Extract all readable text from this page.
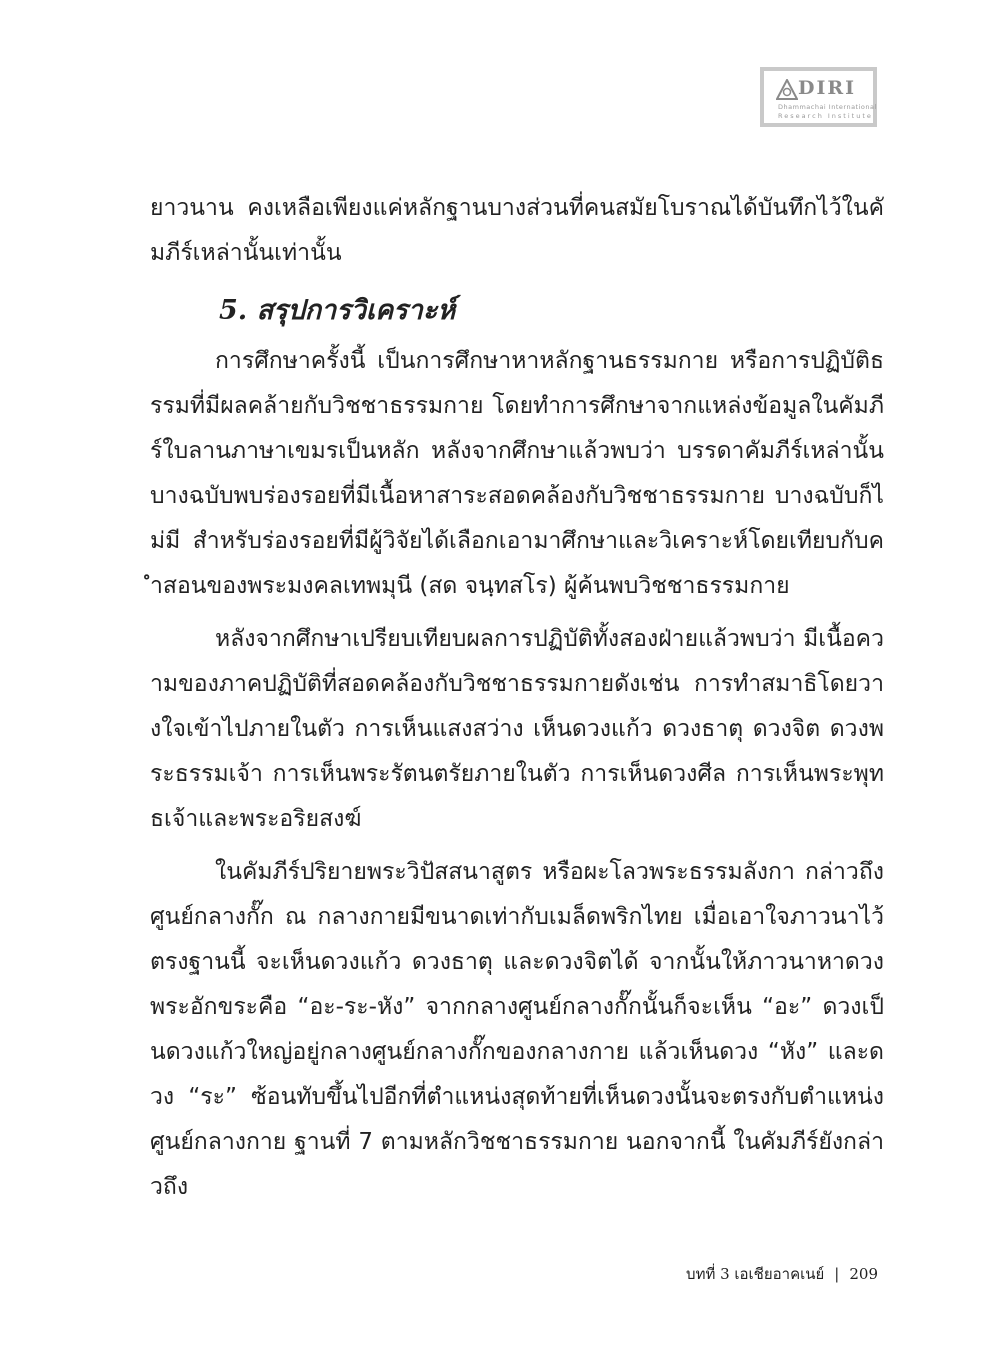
DIRI
Dhammachai International
Research Institute

ยาวนาน คงเหลือเพียงแค่หลักฐานบางส่วนที่คนสมัยโบราณได้บันทึกไว้ในคัมภีร์เหล่านั้นเท่านั้น

5. สรุปการวิเคราะห์

การศึกษาครั้งนี้ เป็นการศึกษาหาหลักฐานธรรมกาย หรือการปฏิบัติธรรมที่มีผลคล้ายกับวิชชาธรรมกาย โดยทำการศึกษาจากแหล่งข้อมูลในคัมภีร์ใบลานภาษาเขมรเป็นหลัก หลังจากศึกษาแล้วพบว่า บรรดาคัมภีร์เหล่านั้นบางฉบับพบร่องรอยที่มีเนื้อหาสาระสอดคล้องกับวิชชาธรรมกาย บางฉบับก็ไม่มี สำหรับร่องรอยที่มีผู้วิจัยได้เลือกเอามาศึกษาและวิเคราะห์โดยเทียบกับคำสอนของพระมงคลเทพมุนี (สด จนฺทสโร) ผู้ค้นพบวิชชาธรรมกาย

หลังจากศึกษาเปรียบเทียบผลการปฏิบัติทั้งสองฝ่ายแล้วพบว่า มีเนื้อความของภาคปฏิบัติที่สอดคล้องกับวิชชาธรรมกายดังเช่น การทำสมาธิโดยวางใจเข้าไปภายในตัว การเห็นแสงสว่าง เห็นดวงแก้ว ดวงธาตุ ดวงจิต ดวงพระธรรมเจ้า การเห็นพระรัตนตรัยภายในตัว การเห็นดวงศีล การเห็นพระพุทธเจ้าและพระอริยสงฆ์

ในคัมภีร์ปริยายพระวิปัสสนาสูตร หรือผะโลวพระธรรมลังกา กล่าวถึงศูนย์กลางกั๊ก ณ กลางกายมีขนาดเท่ากับเมล็ดพริกไทย เมื่อเอาใจภาวนาไว้ตรงฐานนี้ จะเห็นดวงแก้ว ดวงธาตุ และดวงจิตได้ จากนั้นให้ภาวนาหาดวงพระอักขระคือ “อะ-ระ-หัง” จากกลางศูนย์กลางกั๊กนั้นก็จะเห็น “อะ” ดวงเป็นดวงแก้วใหญ่อยู่กลางศูนย์กลางกั๊กของกลางกาย แล้วเห็นดวง “หัง” และดวง “ระ” ซ้อนทับขึ้นไปอีกที่ตำแหน่งสุดท้ายที่เห็นดวงนั้นจะตรงกับตำแหน่งศูนย์กลางกาย ฐานที่ 7 ตามหลักวิชชาธรรมกาย นอกจากนี้ ในคัมภีร์ยังกล่าวถึง

บทที่ 3 เอเชียอาคเนย์ | 209
